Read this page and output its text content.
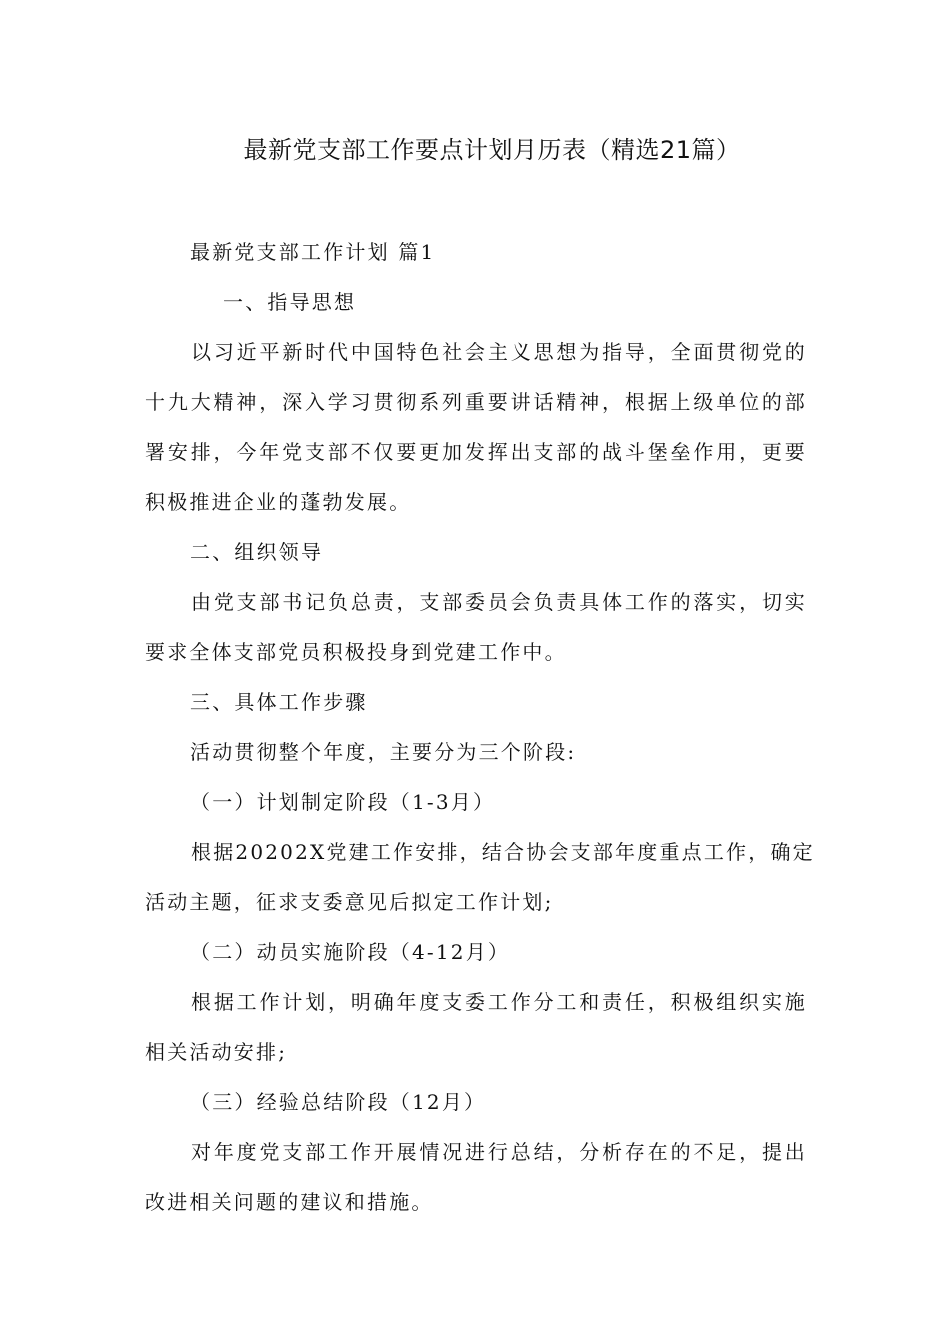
最新党支部工作要点计划月历表（精选21篇）
最新党支部工作计划 篇1
一、指导思想
以习近平新时代中国特色社会主义思想为指导，全面贯彻党的
十九大精神，深入学习贯彻系列重要讲话精神，根据上级单位的部
署安排，今年党支部不仅要更加发挥出支部的战斗堡垒作用，更要
积极推进企业的蓬勃发展。
二、组织领导
由党支部书记负总责，支部委员会负责具体工作的落实，切实
要求全体支部党员积极投身到党建工作中。
三、具体工作步骤
活动贯彻整个年度，主要分为三个阶段:
（一）计划制定阶段（1-3月）
根据20202X党建工作安排，结合协会支部年度重点工作，确定
活动主题，征求支委意见后拟定工作计划;
（二）动员实施阶段（4-12月）
根据工作计划，明确年度支委工作分工和责任，积极组织实施
相关活动安排;
（三）经验总结阶段（12月）
对年度党支部工作开展情况进行总结，分析存在的不足，提出
改进相关问题的建议和措施。
